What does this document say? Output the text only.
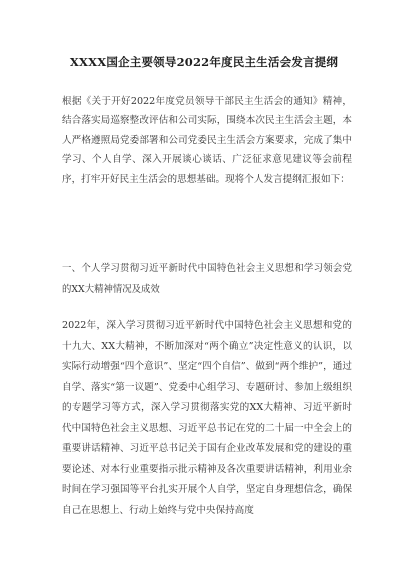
XXXX国企主要领导2022年度民主生活会发言提纲

根据《关于开好2022年度党员领导干部民主生活会的通知》精神，结合落实局巡察整改评估和公司实际，围绕本次民主生活会主题，本人严格遵照局党委部署和公司党委民主生活会方案要求，完成了集中学习、个人自学、深入开展谈心谈话、广泛征求意见建议等会前程序，打牢开好民主生活会的思想基础。现将个人发言提纲汇报如下：

一、个人学习贯彻习近平新时代中国特色社会主义思想和学习领会党的XX大精神情况及成效

2022年，深入学习贯彻习近平新时代中国特色社会主义思想和党的十九大、XX大精神，不断加深对“两个确立”决定性意义的认识，以实际行动增强“四个意识”、坚定“四个自信”、做到“两个维护”，通过自学、落实“第一议题”、党委中心组学习、专题研讨、参加上级组织的专题学习等方式，深入学习贯彻落实党的XX大精神、习近平新时代中国特色社会主义思想、习近平总书记在党的二十届一中全会上的重要讲话精神、习近平总书记关于国有企业改革发展和党的建设的重要论述、对本行业重要指示批示精神及各次重要讲话精神，利用业余时间在学习强国等平台扎实开展个人自学，坚定自身理想信念，确保自己在思想上、行动上始终与党中央保持高度
